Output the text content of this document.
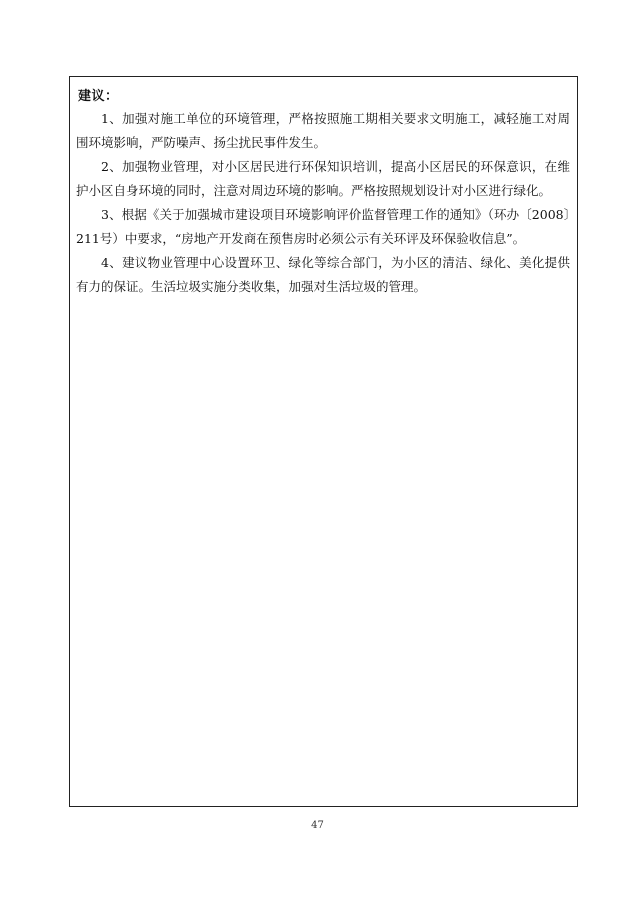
建议：

1、加强对施工单位的环境管理，严格按照施工期相关要求文明施工，减轻施工对周围环境影响，严防噪声、扬尘扰民事件发生。

2、加强物业管理，对小区居民进行环保知识培训，提高小区居民的环保意识，在维护小区自身环境的同时，注意对周边环境的影响。严格按照规划设计对小区进行绿化。

3、根据《关于加强城市建设项目环境影响评价监督管理工作的通知》（环办〔2008〕211号）中要求，“房地产开发商在预售房时必须公示有关环评及环保验收信息”。

4、建议物业管理中心设置环卫、绿化等综合部门，为小区的清洁、绿化、美化提供有力的保证。生活垃圾实施分类收集，加强对生活垃圾的管理。

47
